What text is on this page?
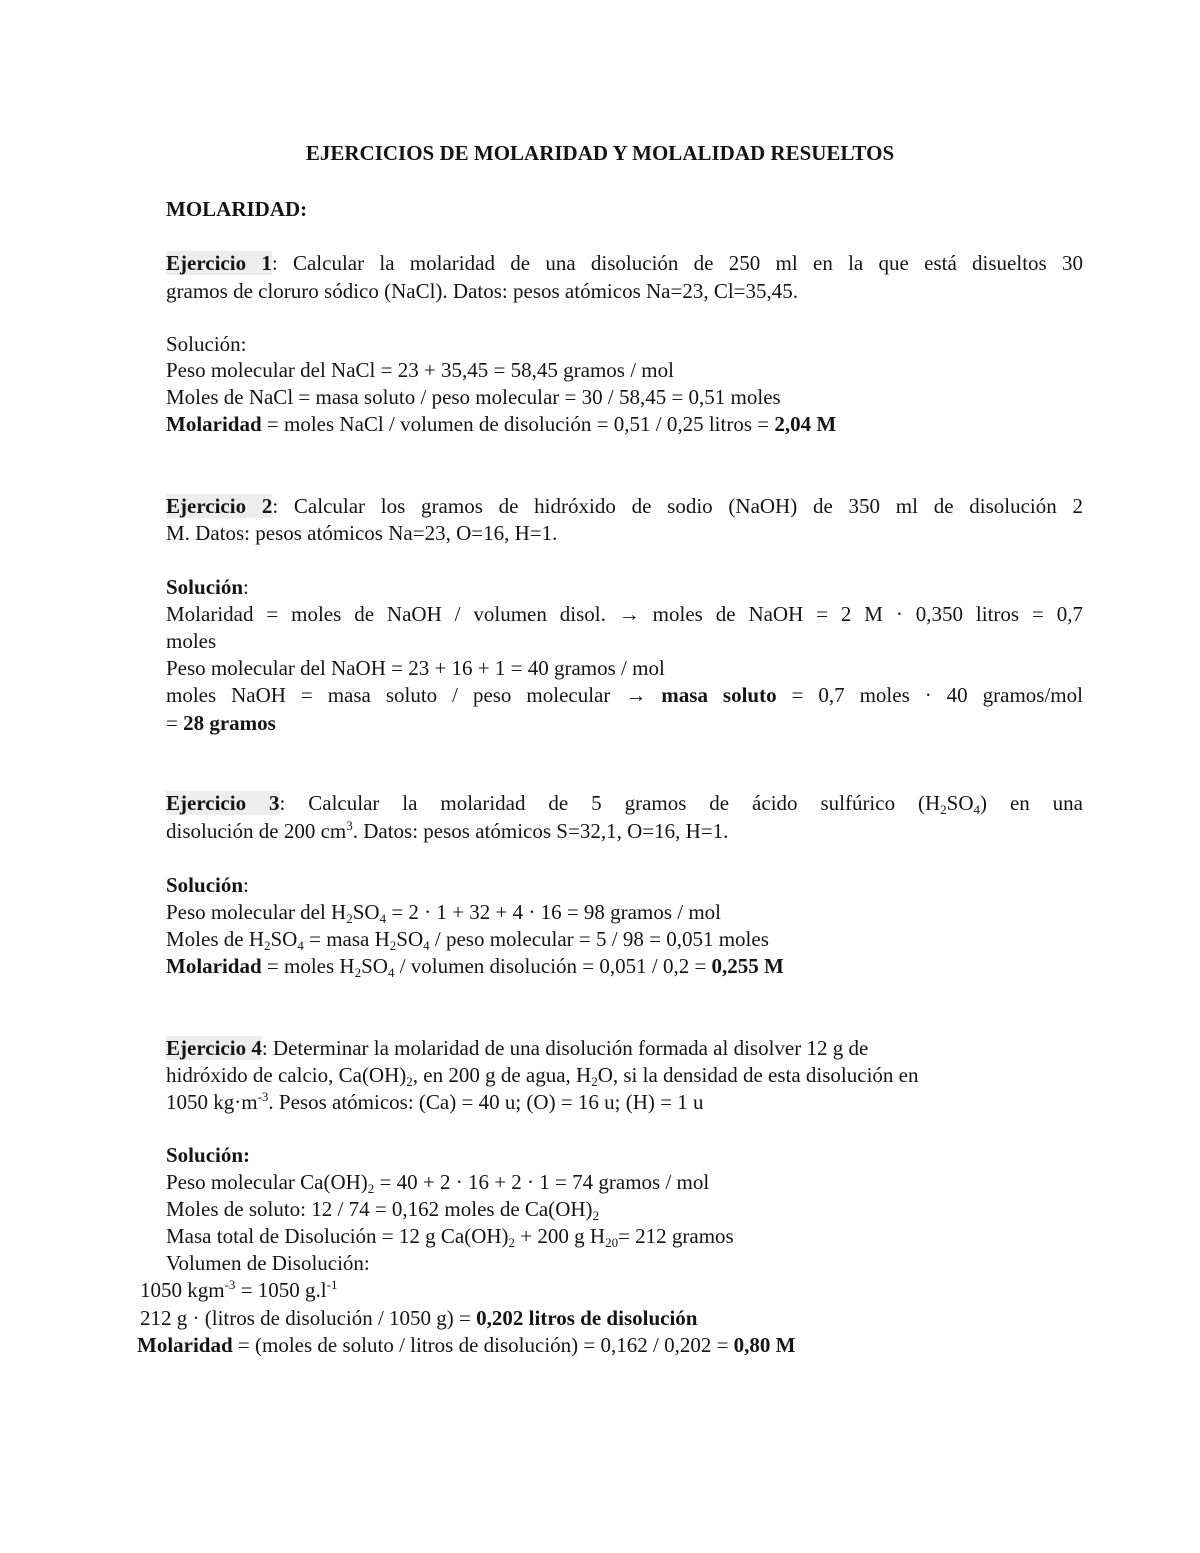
EJERCICIOS DE MOLARIDAD Y MOLALIDAD RESUELTOS
MOLARIDAD:
Ejercicio 1: Calcular la molaridad de una disolución de 250 ml en la que está disueltos 30
gramos de cloruro sódico (NaCl). Datos: pesos atómicos Na=23, Cl=35,45.
Solución:
Peso molecular del NaCl = 23 + 35,45 = 58,45 gramos / mol
Moles de NaCl = masa soluto / peso molecular = 30 / 58,45 = 0,51 moles
Molaridad = moles NaCl / volumen de disolución = 0,51 / 0,25 litros = 2,04 M
Ejercicio 2: Calcular los gramos de hidróxido de sodio (NaOH) de 350 ml de disolución 2
M. Datos: pesos atómicos Na=23, O=16, H=1.
Solución:
Molaridad = moles de NaOH / volumen disol. → moles de NaOH = 2 M · 0,350 litros = 0,7
moles
Peso molecular del NaOH = 23 + 16 + 1 = 40 gramos / mol
moles NaOH = masa soluto / peso molecular → masa soluto = 0,7 moles · 40 gramos/mol
= 28 gramos
Ejercicio 3: Calcular la molaridad de 5 gramos de ácido sulfúrico $(H_2SO_4)$ en una
disolución de 200 $cm^3$. Datos: pesos atómicos S=32,1, O=16, H=1.
Solución:
Peso molecular del $H_2SO_4 = 2 \cdot 1 + 32 + 4 \cdot 16 = 98$ gramos / mol
Moles de $H_2SO_4$ = masa $H_2SO_4$ / peso molecular = 5 / 98 = 0,051 moles
Molaridad = moles $H_2SO_4$ / volumen disolución = 0,051 / 0,2 = 0,255 M
Ejercicio 4: Determinar la molaridad de una disolución formada al disolver 12 g de
hidróxido de calcio, $Ca(OH)_2$, en 200 g de agua, $H_2O$, si la densidad de esta disolución en
1050 $kg\cdot m^{-3}$. Pesos atómicos: (Ca) = 40 u; (O) = 16 u; (H) = 1 u
Solución:
Peso molecular $Ca(OH)_2 = 40 + 2 \cdot 16 + 2 \cdot 1 = 74$ gramos / mol
Moles de soluto: 12 / 74 = 0,162 moles de $Ca(OH)_2$
Masa total de Disolución = 12 g $Ca(OH)_2 + 200$ g $H_{20}= 212$ gramos
Volumen de Disolución:
1050 kgm$^{-3}$ = 1050 $g.l^{-1}$
212 g · (litros de disolución / 1050 g) = 0,202 litros de disolución
Molaridad = (moles de soluto / litros de disolución) = 0,162 / 0,202 = 0,80 M
